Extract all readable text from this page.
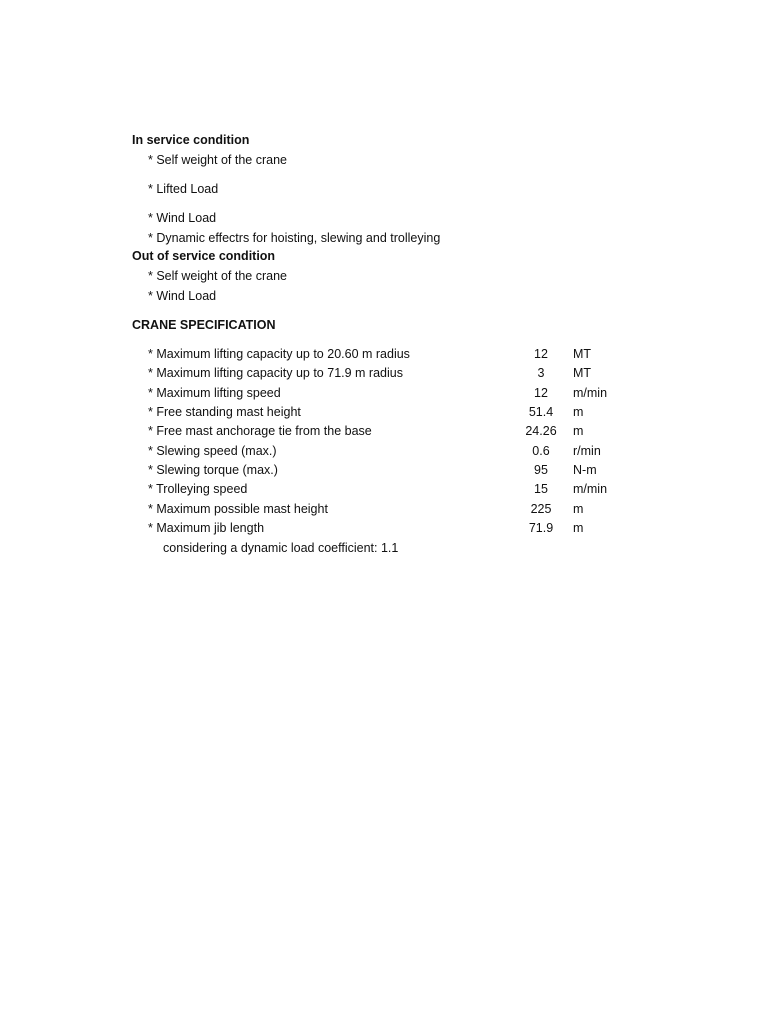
In service condition
* Self weight of the crane
* Lifted Load
* Wind Load
* Dynamic effectrs for hoisting, slewing and trolleying
Out of service condition
* Self weight of the crane
* Wind Load
CRANE SPECIFICATION
* Maximum lifting capacity up to 20.60 m radius	12	MT
* Maximum lifting capacity up to 71.9 m radius	3	MT
* Maximum lifting speed	12	m/min
* Free standing mast height	51.4	m
* Free mast anchorage tie from the base	24.26	m
* Slewing speed (max.)	0.6	r/min
* Slewing torque (max.)	95	N-m
* Trolleying speed	15	m/min
* Maximum possible mast height	225	m
* Maximum jib length	71.9	m
considering a dynamic load coefficient: 1.1
